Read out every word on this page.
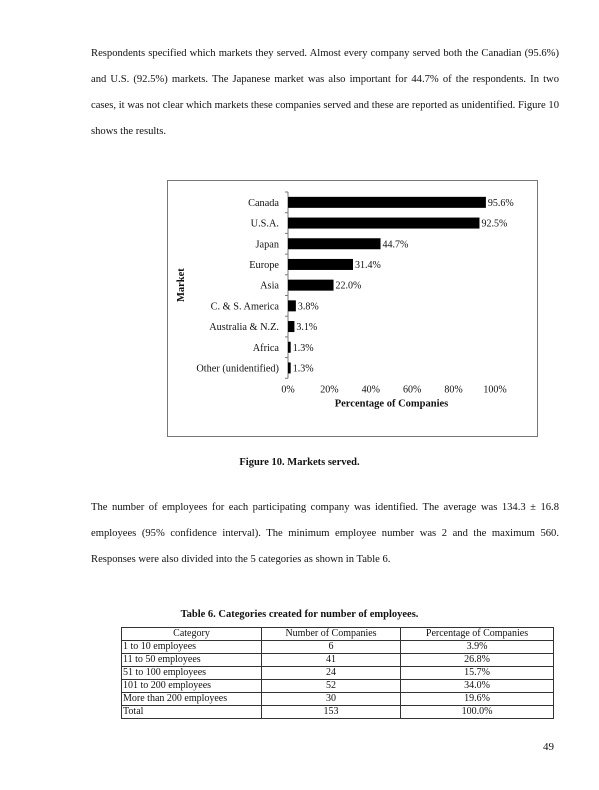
Respondents specified which markets they served. Almost every company served both the Canadian (95.6%) and U.S. (92.5%) markets. The Japanese market was also important for 44.7% of the respondents. In two cases, it was not clear which markets these companies served and these are reported as unidentified. Figure 10 shows the results.

Canada	95.6%
U.S.A.	92.5%
Japan	44.7%
Europe	31.4%
Asia	22.0%
C. & S. America 3.8%
Australia & N.Z. 3.1%
Africa 1.3%
Other (unidentified) 1.3%
0%	20% 40% 60% 80% 100%
Percentage of Companies
Market
Figure 10. Markets served.

The number of employees for each participating company was identified. The average was 134.3 ± 16.8 employees (95% confidence interval). The minimum employee number was 2 and the maximum 560. Responses were also divided into the 5 categories as shown in Table 6.

Table 6. Categories created for number of employees.
Category	Number of Companies	Percentage of Companies
1 to 10 employees	6	3.9%
11 to 50 employees	41	26.8%
51 to 100 employees	24	15.7%
101 to 200 employees	52	34.0%
More than 200 employees	30	19.6%
Total	153	100.0%
49
